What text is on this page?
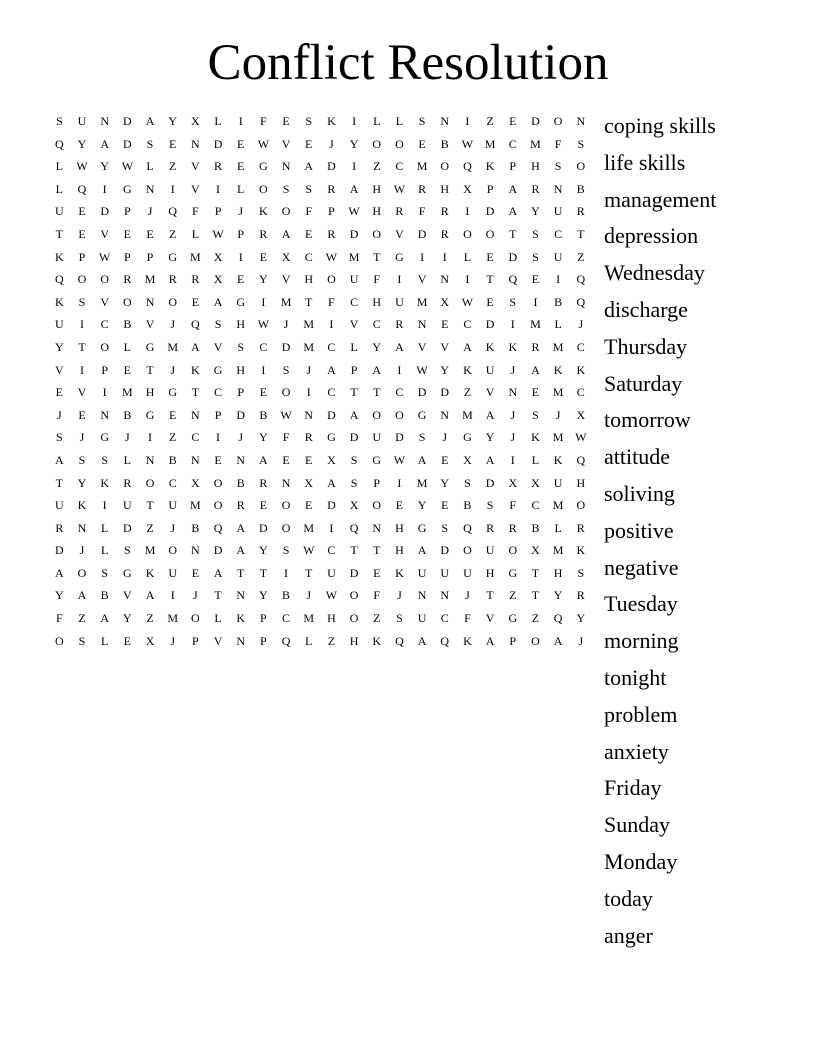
Conflict Resolution
S	U	N	D	A	Y	X	L	I	F	E	S	K	I	L	L	S	N	I	Z	E	D	O	N
Q	Y	A	D	S	E	N	D	E	W	V	E	J	Y	O	O	E	B	W M	C	M	F	S
L	W	Y	W	L	Z	V	R	E	G	N	A	D	I	Z	C	M	O	Q	K	P	H	S	O
L	Q	I	G	N	I	V	I	L	O	S	S	R	A	H	W	R	H	X	P	A	R	N	B
U	E	D	P	J	Q	F	P	J	K	O	F	P	W	H	R	F	R	I	D	A	Y	U	R
T	E	V	E	E	Z	L	W	P	R	A	E	R	D	O	V	D	R	O	O	T	S	C	T
K	P	W	P	P	G	M	X	I	E	X	C	W M	T	G	I	I	L	E	D	S	U	Z
Q	O	O	R	M	R	R	X	E	Y	V	H	O	U	F	I	V	N	I	T	Q	E	I	Q
K	S	V	O	N	O	E	A	G	I	M	T	F	C	H	U	M	X	W	E	S	I	B	Q
U	I	C	B	V	J	Q	S	H	W	J	M	I	V	C	R	N	E	C	D	I	M	L	J
Y	T	O	L	G	M	A	V	S	C	D	M	C	L	Y	A	V	V	A	K	K	R	M	C
V	I	P	E	T	J	K	G	H	I	S	J	A	P	A	I	W	Y	K	U	J	A	K	K
E	V	I	M	H	G	T	C	P	E	O	I	C	T	T	C	D	D	Z	V	N	E	M	C
J	E	N	B	G	E	N	P	D	B	W	N	D	A	O	O	G	N	M	A	J	S	J	X
S	J	G	J	I	Z	C	I	J	Y	F	R	G	D	U	D	S	J	G	Y	J	K	M W
A	S	S	L	N	B	N	E	N	A	E	E	X	S	G	W	A	E	X	A	I	L	K	Q
T	Y	K	R	O	C	X	O	B	R	N	X	A	S	P	I	M	Y	S	D	X	X	U	H
U	K	I	U	T	U	M	O	R	E	O	E	D	X	O	E	Y	E	B	S	F	C	M	O
R	N	L	D	Z	J	B	Q	A	D	O	M	I	Q	N	H	G	S	Q	R	R	B	L	R
D	J	L	S	M	O	N	D	A	Y	S	W	C	T	T	H	A	D	O	U	O	X	M	K
A	O	S	G	K	U	E	A	T	T	I	T	U	D	E	K	U	U	U	H	G	T	H	S
Y	A	B	V	A	I	J	T	N	Y	B	J	W	O	F	J	N	N	J	T	Z	T	Y	R
F	Z	A	Y	Z	M	O	L	K	P	C	M	H	O	Z	S	U	C	F	V	G	Z	Q	Y
O	S	L	E	X	J	P	V	N	P	Q	L	Z	H	K	Q	A	Q	K	A	P	O	A	J
coping skills
life skills
management
depression
Wednesday
discharge
Thursday
Saturday
tomorrow
attitude
soliving
positive
negative
Tuesday
morning
tonight
problem
anxiety
Friday
Sunday
Monday
today
anger
